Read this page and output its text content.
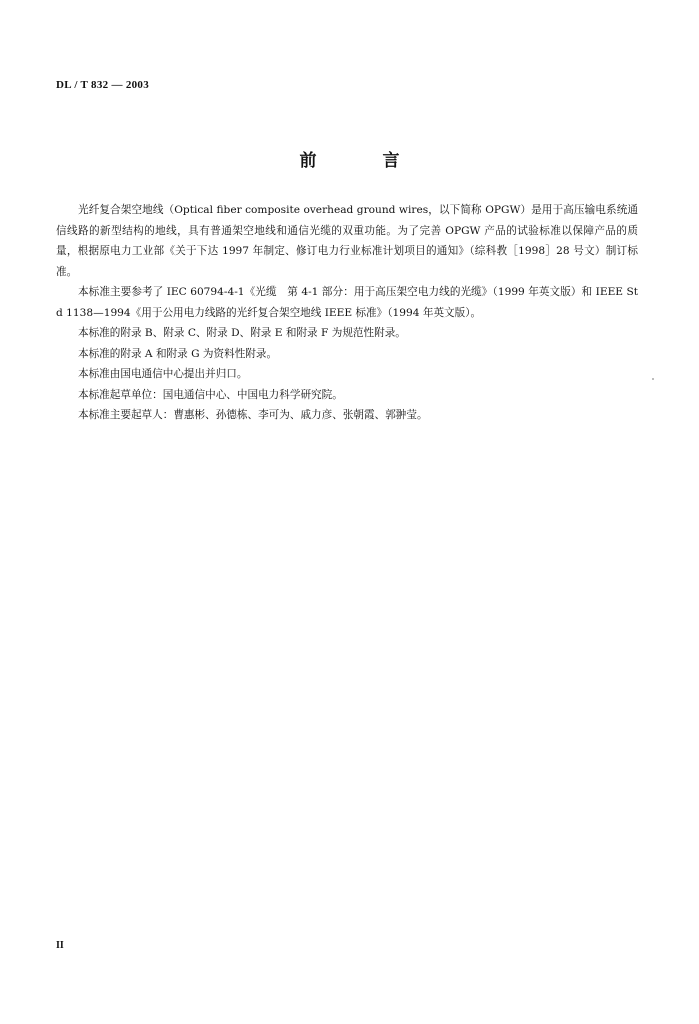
DL / T 832 — 2003
前	言

光纤复合架空地线（Optical fiber composite overhead ground wires，以下简称 OPGW）是用于高压输电系统通信线路的新型结构的地线，具有普通架空地线和通信光缆的双重功能。为了完善 OPGW 产品的试验标准以保障产品的质量，根据原电力工业部《关于下达 1997 年制定、修订电力行业标准计划项目的通知》（综科教［1998］28 号文）制订标准。

本标准主要参考了 IEC 60794-4-1《光缆　第 4-1 部分：用于高压架空电力线的光缆》（1999 年英文版）和 IEEE Std 1138—1994《用于公用电力线路的光纤复合架空地线 IEEE 标准》（1994 年英文版）。

本标准的附录 B、附录 C、附录 D、附录 E 和附录 F 为规范性附录。

本标准的附录 A 和附录 G 为资料性附录。

本标准由国电通信中心提出并归口。

本标准起草单位：国电通信中心、中国电力科学研究院。

本标准主要起草人：曹惠彬、孙德栋、李可为、戚力彦、张朝霞、郭翀莹。

II
